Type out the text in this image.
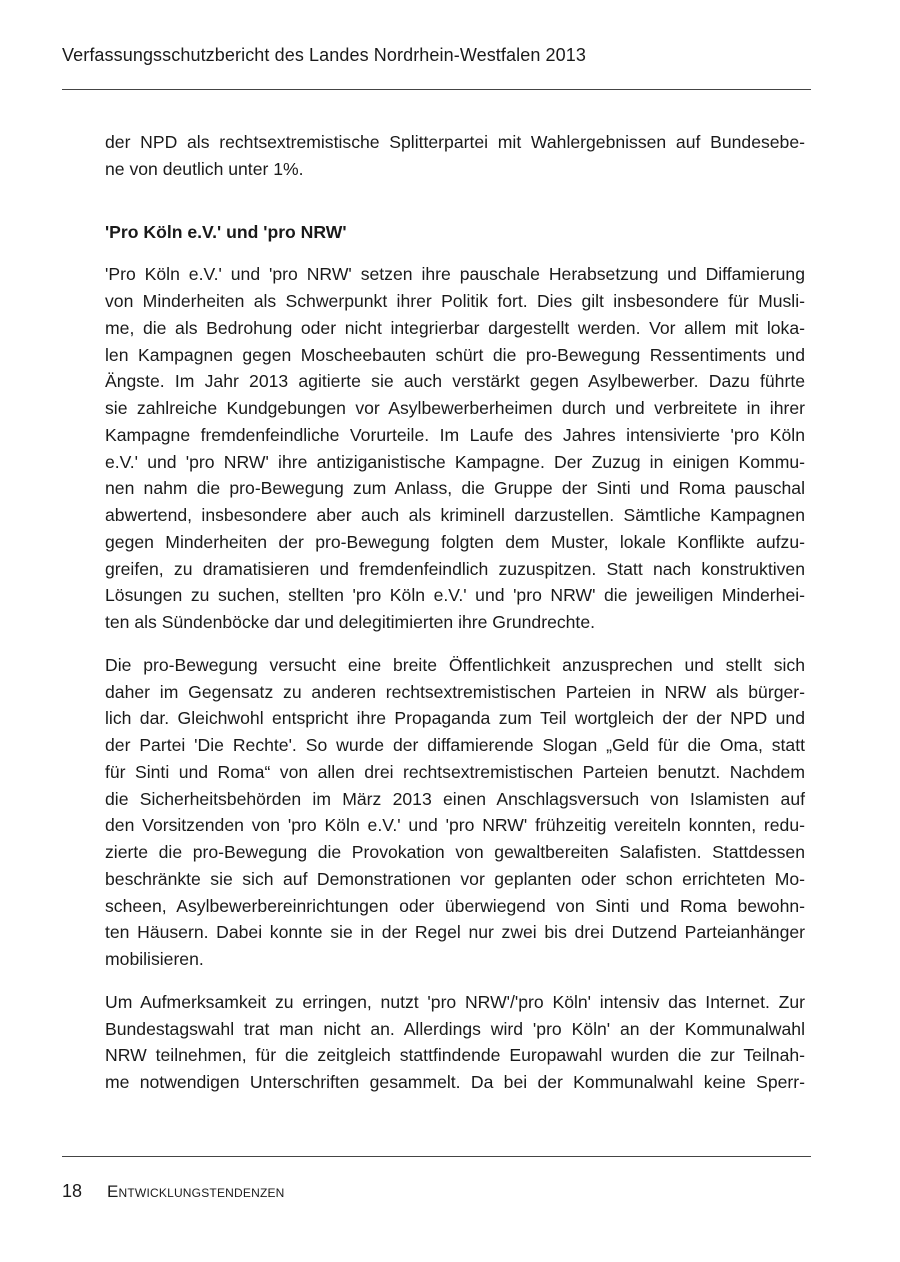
Verfassungsschutzbericht des Landes Nordrhein-Westfalen 2013
der NPD als rechtsextremistische Splitterpartei mit Wahlergebnissen auf Bundesebe-
ne von deutlich unter 1%.
'Pro Köln e.V.' und 'pro NRW'
'Pro Köln e.V.' und 'pro NRW' setzen ihre pauschale Herabsetzung und Diffamierung
von Minderheiten als Schwerpunkt ihrer Politik fort. Dies gilt insbesondere für Musli-
me, die als Bedrohung oder nicht integrierbar dargestellt werden. Vor allem mit loka-
len Kampagnen gegen Moscheebauten schürt die pro-Bewegung Ressentiments und
Ängste. Im Jahr 2013 agitierte sie auch verstärkt gegen Asylbewerber. Dazu führte
sie zahlreiche Kundgebungen vor Asylbewerberheimen durch und verbreitete in ihrer
Kampagne fremdenfeindliche Vorurteile. Im Laufe des Jahres intensivierte 'pro Köln
e.V.' und 'pro NRW' ihre antiziganistische Kampagne. Der Zuzug in einigen Kommu-
nen nahm die pro-Bewegung zum Anlass, die Gruppe der Sinti und Roma pauschal
abwertend, insbesondere aber auch als kriminell darzustellen. Sämtliche Kampagnen
gegen Minderheiten der pro-Bewegung folgten dem Muster, lokale Konflikte aufzu-
greifen, zu dramatisieren und fremdenfeindlich zuzuspitzen. Statt nach konstruktiven
Lösungen zu suchen, stellten 'pro Köln e.V.' und 'pro NRW' die jeweiligen Minderhei-
ten als Sündenböcke dar und delegitimierten ihre Grundrechte.
Die pro-Bewegung versucht eine breite Öffentlichkeit anzusprechen und stellt sich
daher im Gegensatz zu anderen rechtsextremistischen Parteien in NRW als bürger-
lich dar. Gleichwohl entspricht ihre Propaganda zum Teil wortgleich der der NPD und
der Partei 'Die Rechte'. So wurde der diffamierende Slogan „Geld für die Oma, statt
für Sinti und Roma“ von allen drei rechtsextremistischen Parteien benutzt. Nachdem
die Sicherheitsbehörden im März 2013 einen Anschlagsversuch von Islamisten auf
den Vorsitzenden von 'pro Köln e.V.' und 'pro NRW' frühzeitig vereiteln konnten, redu-
zierte die pro-Bewegung die Provokation von gewaltbereiten Salafisten. Stattdessen
beschränkte sie sich auf Demonstrationen vor geplanten oder schon errichteten Mo-
scheen, Asylbewerbereinrichtungen oder überwiegend von Sinti und Roma bewohn-
ten Häusern. Dabei konnte sie in der Regel nur zwei bis drei Dutzend Parteianhänger
mobilisieren.
Um Aufmerksamkeit zu erringen, nutzt 'pro NRW'/'pro Köln' intensiv das Internet. Zur
Bundestagswahl trat man nicht an. Allerdings wird 'pro Köln' an der Kommunalwahl
NRW teilnehmen, für die zeitgleich stattfindende Europawahl wurden die zur Teilnah-
me notwendigen Unterschriften gesammelt. Da bei der Kommunalwahl keine Sperr-
18	Entwicklungstendenzen
